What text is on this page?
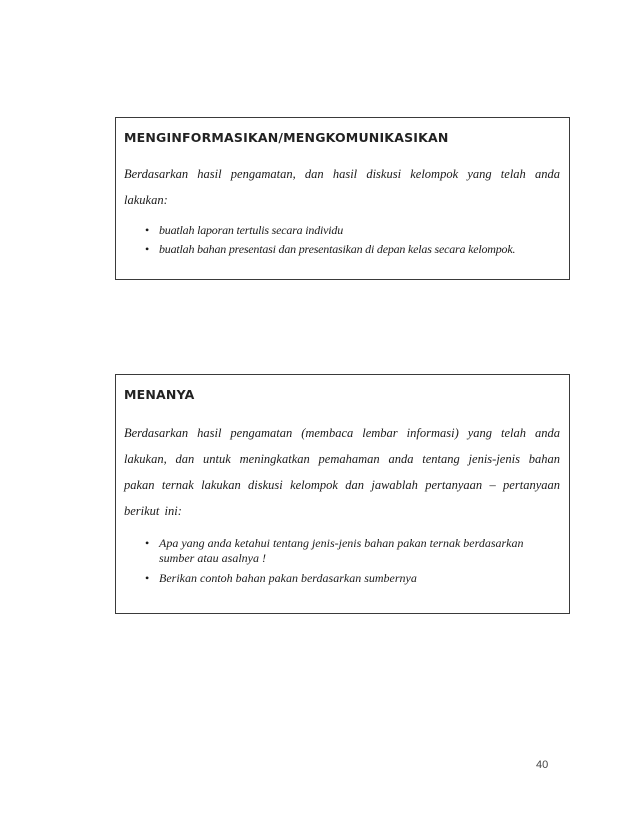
MENGINFORMASIKAN/MENGKOMUNIKASIKAN
Berdasarkan hasil pengamatan, dan hasil diskusi kelompok yang telah anda lakukan:
• buatlah laporan tertulis secara individu
• buatlah bahan presentasi dan presentasikan di depan kelas secara kelompok.
MENANYA
Berdasarkan hasil pengamatan (membaca lembar informasi) yang telah anda lakukan, dan untuk meningkatkan pemahaman anda tentang jenis-jenis bahan pakan ternak lakukan diskusi kelompok dan jawablah pertanyaan – pertanyaan berikut ini:
• Apa yang anda ketahui tentang jenis-jenis bahan pakan ternak berdasarkan sumber atau asalnya !
• Berikan contoh bahan pakan berdasarkan sumbernya
40
